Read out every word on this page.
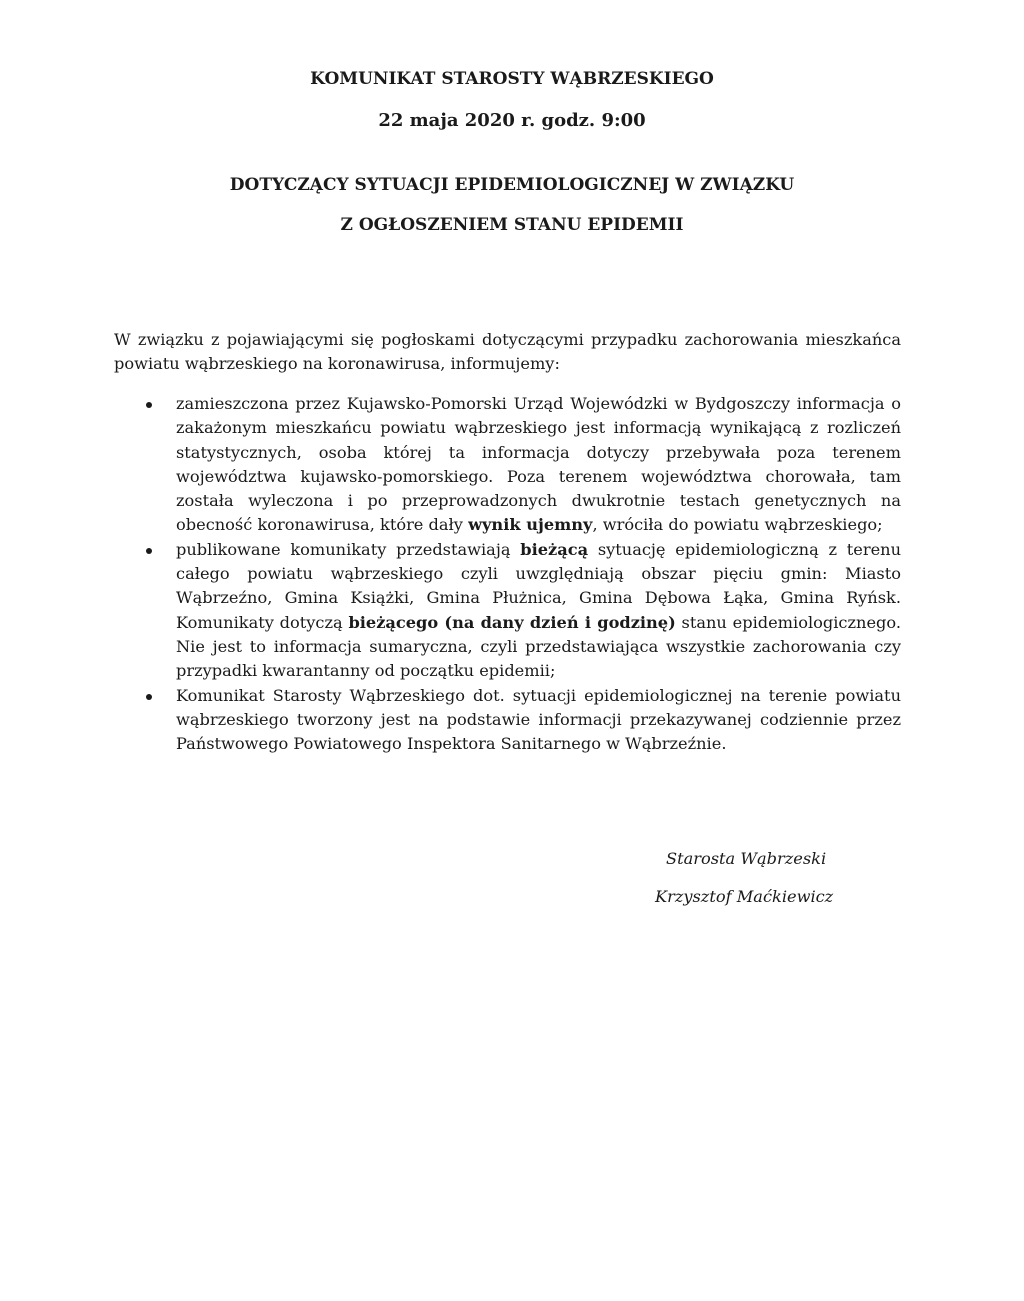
KOMUNIKAT STAROSTY WĄBRZESKIEGO
22 maja 2020 r. godz. 9:00
DOTYCZĄCY SYTUACJI EPIDEMIOLOGICZNEJ W ZWIĄZKU
Z OGŁOSZENIEM STANU EPIDEMII
W związku z pojawiającymi się pogłoskami dotyczącymi przypadku zachorowania mieszkańca powiatu wąbrzeskiego na koronawirusa, informujemy:
zamieszczona przez Kujawsko-Pomorski Urząd Wojewódzki w Bydgoszczy informacja o zakażonym mieszkańcu powiatu wąbrzeskiego jest informacją wynikającą z rozliczeń statystycznych, osoba której ta informacja dotyczy przebywała poza terenem województwa kujawsko-pomorskiego. Poza terenem województwa chorowała, tam została wyleczona i po przeprowadzonych dwukrotnie testach genetycznych na obecność koronawirusa, które dały wynik ujemny, wróciła do powiatu wąbrzeskiego;
publikowane komunikaty przedstawiają bieżącą sytuację epidemiologiczną z terenu całego powiatu wąbrzeskiego czyli uwzględniają obszar pięciu gmin: Miasto Wąbrzeźno, Gmina Książki, Gmina Płużnica, Gmina Dębowa Łąka, Gmina Ryńsk. Komunikaty dotyczą bieżącego (na dany dzień i godzinę) stanu epidemiologicznego. Nie jest to informacja sumaryczna, czyli przedstawiająca wszystkie zachorowania czy przypadki kwarantanny od początku epidemii;
Komunikat Starosty Wąbrzeskiego dot. sytuacji epidemiologicznej na terenie powiatu wąbrzeskiego tworzony jest na podstawie informacji przekazywanej codziennie przez Państwowego Powiatowego Inspektora Sanitarnego w Wąbrzeźnie.
Starosta Wąbrzeski
Krzysztof Maćkiewicz
